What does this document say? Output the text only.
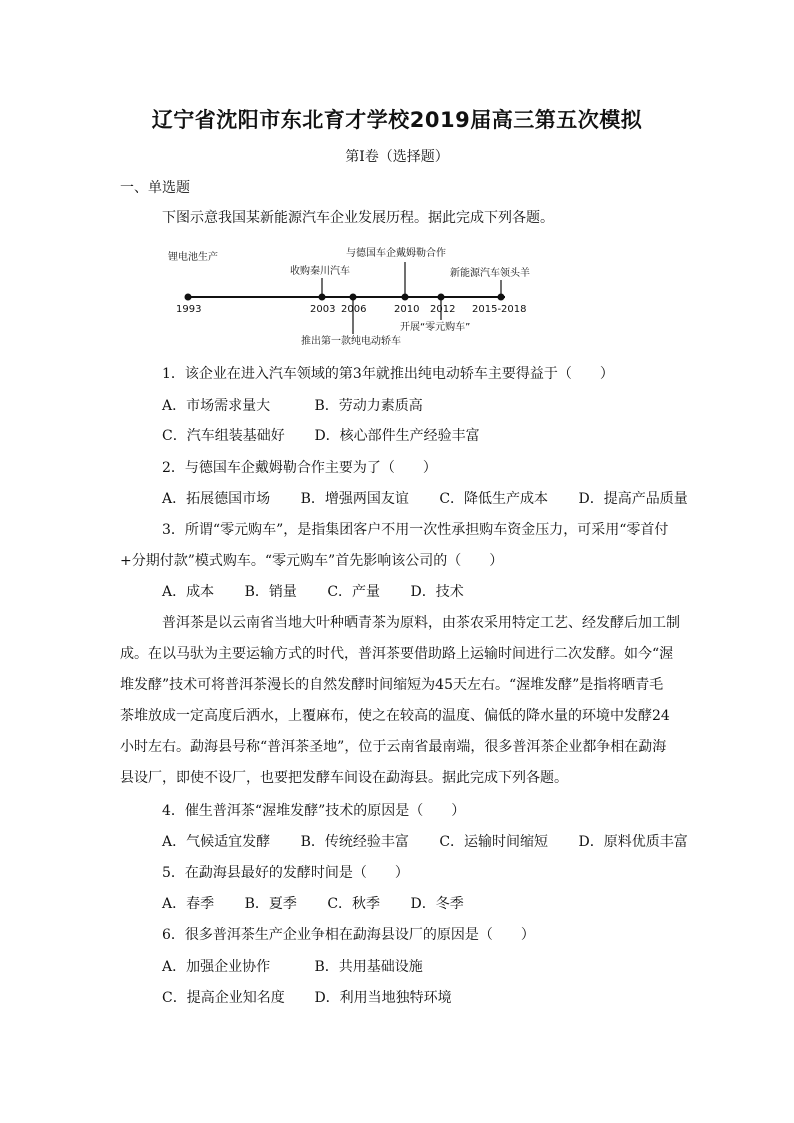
辽宁省沈阳市东北育才学校2019届高三第五次模拟
第Ⅰ卷（选择题）
一、单选题
下图示意我国某新能源汽车企业发展历程。据此完成下列各题。
1993	2003 2006	2010 2012 2015-2018
锂电池生产
收购秦川汽车
与德国车企戴姆勒合作
新能源汽车领头羊
推出第一款纯电动轿车
开展“零元购车”
1．该企业在进入汽车领域的第3年就推出纯电动轿车主要得益于（　　）
A．市场需求量大	B．劳动力素质高
C．汽车组装基础好 D．核心部件生产经验丰富
2．与德国车企戴姆勒合作主要为了（　　）
A．拓展德国市场 B．增强两国友谊 C．降低生产成本 D．提高产品质量
3．所谓“零元购车”，是指集团客户不用一次性承担购车资金压力，可采用“零首付
+分期付款”模式购车。“零元购车”首先影响该公司的（　　）
A．成本 B．销量 C．产量 D．技术
普洱茶是以云南省当地大叶种晒青茶为原料，由茶农采用特定工艺、经发酵后加工制
成。在以马驮为主要运输方式的时代，普洱茶要借助路上运输时间进行二次发酵。如今“渥
堆发酵”技术可将普洱茶漫长的自然发酵时间缩短为45天左右。“渥堆发酵”是指将晒青毛
茶堆放成一定高度后洒水，上覆麻布，使之在较高的温度、偏低的降水量的环境中发酵24
小时左右。勐海县号称“普洱茶圣地”，位于云南省最南端，很多普洱茶企业都争相在勐海
县设厂，即使不设厂，也要把发酵车间设在勐海县。据此完成下列各题。
4．催生普洱茶“渥堆发酵”技术的原因是（　　）
A．气候适宜发酵 B．传统经验丰富 C．运输时间缩短 D．原料优质丰富
5．在勐海县最好的发酵时间是（　　）
A．春季 B．夏季 C．秋季 D．冬季
6．很多普洱茶生产企业争相在勐海县设厂的原因是（　　）
A．加强企业协作	B．共用基础设施
C．提高企业知名度 D．利用当地独特环境
